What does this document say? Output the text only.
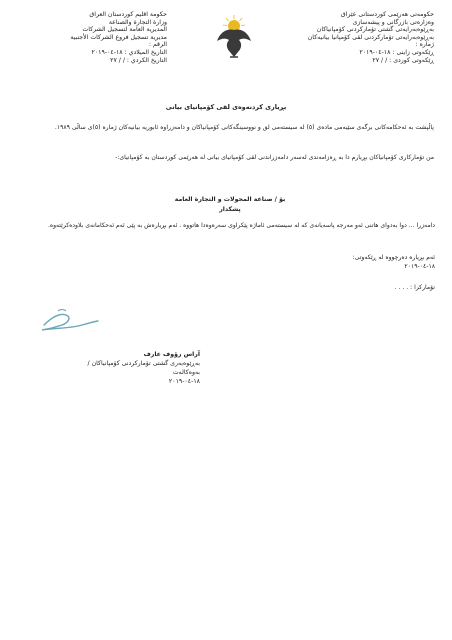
حکومەتی هەرێمی کوردستانی عێراق
وەزارەتی بازرگانی و پیشەسازی
بەڕێوەبەرایەتی گشتی تۆمارکردنی کۆمپانیاکان
بەڕێوەبەرایەتی تۆمارکردنی لقی کۆمپانیا بیانیەکان
ژمارە :
ڕێکەوتی زاینی : ١٨-٠٤-٢٠١٩
ڕێکەوتی کوردی : / / ٢٧
حكومة اقليم كوردستان العراق
وزارة التجارة والصناعة
المديرية العامة لتسجيل الشركات
مديرية تسجيل فروع الشركات الأجنبية
الرقم :
التاريخ الميلادي : ١٨-٠٤-٢٠١٩
التاريخ الكردي : / / ٢٧
بڕیاری کردنەوەی لقی کۆمپانیای بیانی
پاڵپشت بە ئەحکامەکانی برگەی سێیەمی مادەی (٥) لە سیستەمی لق و نووسینگەکانی کۆمپانیاکان و دامەزراوە ئابوریە بیانیەکان ژمارە (٥)ی ساڵی ١٩٨٩.
من تۆمارکاری کۆمپانیاکان بڕیارم دا بە ڕەزامەندی لەسەر دامەزراندنی لقی کۆمپانیای بیانی لە هەرێمی کوردستان بە کۆمپانیای:-
بۆ / صناعة المحولات و التجارة العامة
پشکدار
دامەزرا ... دوا بەدوای هاتنی ئەو مەرجە پاسەیانەی کە لە سیستەمی ئاماژە پێکراوی سەرەوەدا هاتووە . ئەم بڕیارەش بە پێی ئەم ئەحکامانەی بلاودەکرێتەوە.
ئەم بڕیارە دەرچووە لە ڕێکەوتی:
١٨-٠٤-٢٠١٩
تۆمارکرا : . . . .
آراس رؤوف عارف
بەڕێوەبەری گشتی تۆمارکردنی کۆمپانیاکان / بەوەکالەت
١٨-٠٤-٢٠١٩
